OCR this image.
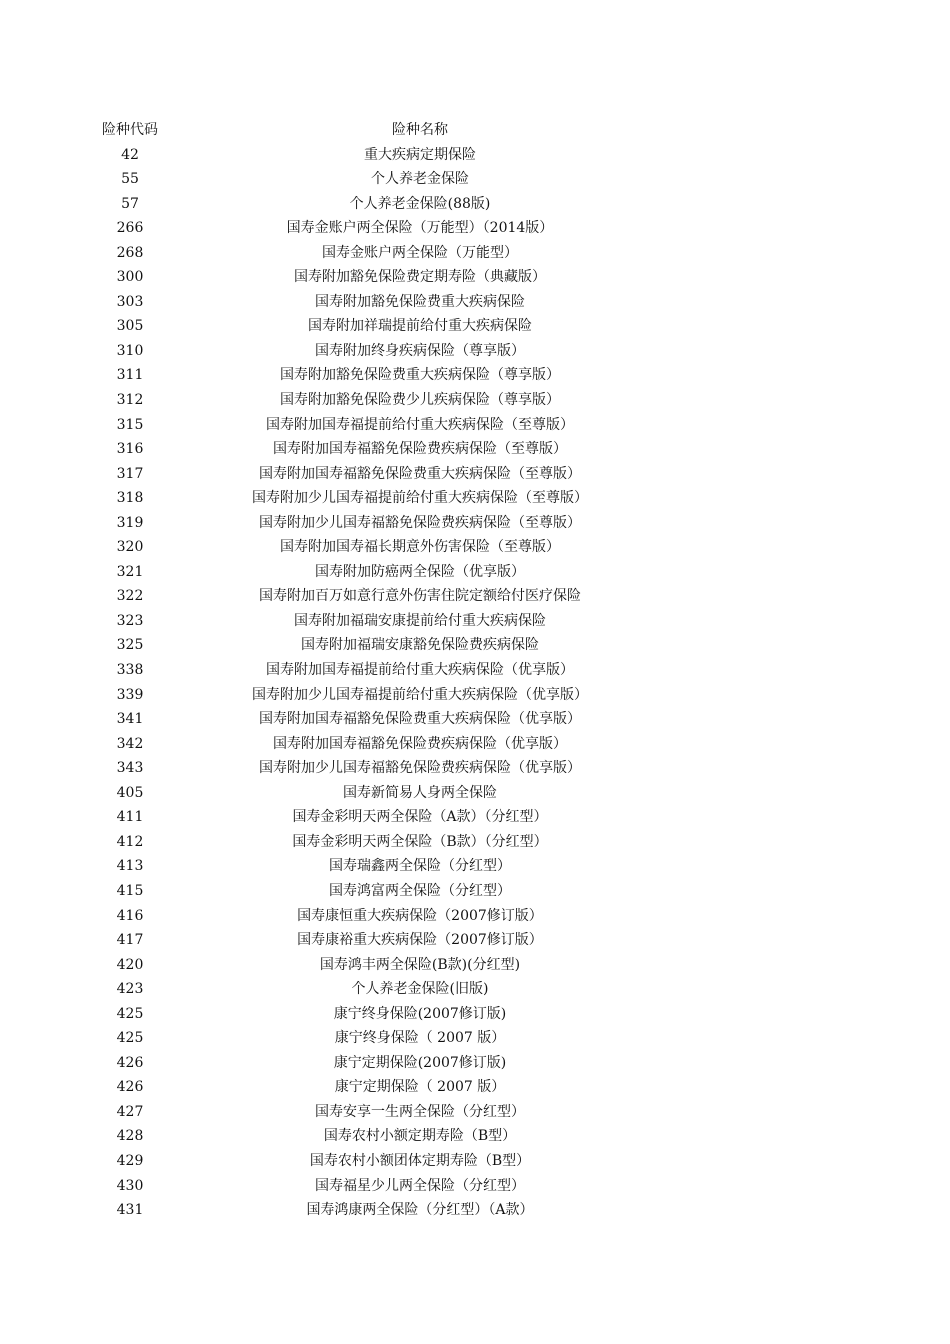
险种代码	险种名称
42	重大疾病定期保险
55	个人养老金保险
57	个人养老金保险(88版)
266	国寿金账户两全保险（万能型）（2014版）
268	国寿金账户两全保险（万能型）
300	国寿附加豁免保险费定期寿险（典藏版）
303	国寿附加豁免保险费重大疾病保险
305	国寿附加祥瑞提前给付重大疾病保险
310	国寿附加终身疾病保险（尊享版）
311	国寿附加豁免保险费重大疾病保险（尊享版）
312	国寿附加豁免保险费少儿疾病保险（尊享版）
315	国寿附加国寿福提前给付重大疾病保险（至尊版）
316	国寿附加国寿福豁免保险费疾病保险（至尊版）
317	国寿附加国寿福豁免保险费重大疾病保险（至尊版）
318	国寿附加少儿国寿福提前给付重大疾病保险（至尊版）
319	国寿附加少儿国寿福豁免保险费疾病保险（至尊版）
320	国寿附加国寿福长期意外伤害保险（至尊版）
321	国寿附加防癌两全保险（优享版）
322	国寿附加百万如意行意外伤害住院定额给付医疗保险
323	国寿附加福瑞安康提前给付重大疾病保险
325	国寿附加福瑞安康豁免保险费疾病保险
338	国寿附加国寿福提前给付重大疾病保险（优享版）
339	国寿附加少儿国寿福提前给付重大疾病保险（优享版）
341	国寿附加国寿福豁免保险费重大疾病保险（优享版）
342	国寿附加国寿福豁免保险费疾病保险（优享版）
343	国寿附加少儿国寿福豁免保险费疾病保险（优享版）
405	国寿新简易人身两全保险
411	国寿金彩明天两全保险（A款）（分红型）
412	国寿金彩明天两全保险（B款）（分红型）
413	国寿瑞鑫两全保险（分红型）
415	国寿鸿富两全保险（分红型）
416	国寿康恒重大疾病保险（2007修订版）
417	国寿康裕重大疾病保险（2007修订版）
420	国寿鸿丰两全保险(B款)(分红型)
423	个人养老金保险(旧版)
425	康宁终身保险(2007修订版)
425	康宁终身保险（ 2007 版）
426	康宁定期保险(2007修订版)
426	康宁定期保险（ 2007 版）
427	国寿安享一生两全保险（分红型）
428	国寿农村小额定期寿险（B型）
429	国寿农村小额团体定期寿险（B型）
430	国寿福星少儿两全保险（分红型）
431	国寿鸿康两全保险（分红型）（A款）
